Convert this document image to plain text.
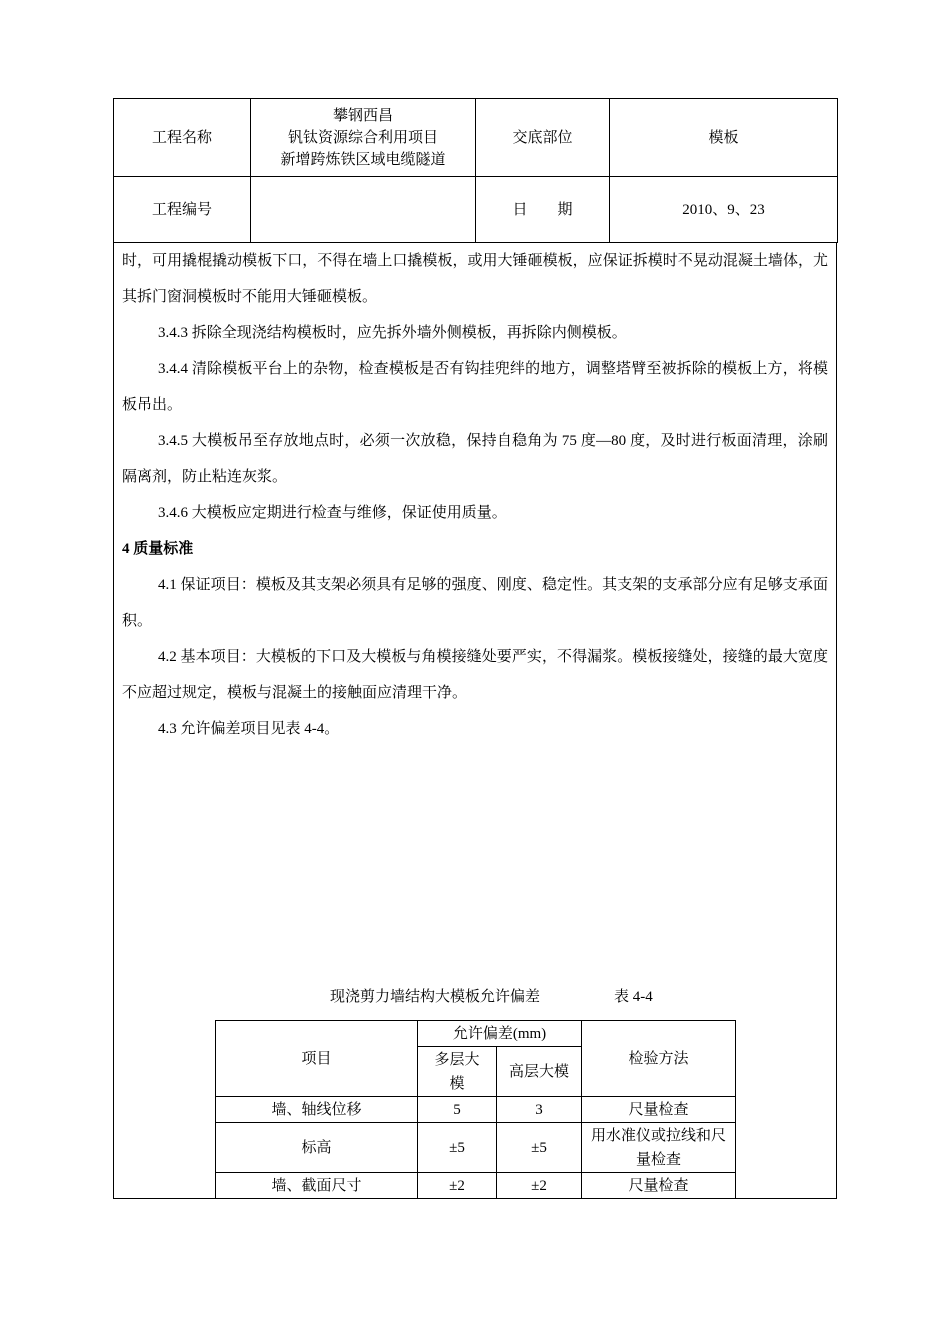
工程名称	攀钢西昌
钒钛资源综合利用项目
新增跨炼铁区域电缆隧道	交底部位	模板
工程编号		日　　期	2010、9、23

时，可用撬棍撬动模板下口，不得在墙上口撬模板，或用大锤砸模板，应保证拆模时不晃动混凝土墙体，尤其拆门窗洞模板时不能用大锤砸模板。

3.4.3 拆除全现浇结构模板时，应先拆外墙外侧模板，再拆除内侧模板。

3.4.4 清除模板平台上的杂物，检查模板是否有钩挂兜绊的地方，调整塔臂至被拆除的模板上方，将模板吊出。

3.4.5 大模板吊至存放地点时，必须一次放稳，保持自稳角为 75 度—80 度，及时进行板面清理，涂刷隔离剂，防止粘连灰浆。

3.4.6 大模板应定期进行检查与维修，保证使用质量。

4 质量标准

4.1 保证项目：模板及其支架必须具有足够的强度、刚度、稳定性。其支架的支承部分应有足够支承面积。

4.2 基本项目：大模板的下口及大模板与角模接缝处要严实，不得漏浆。模板接缝处，接缝的最大宽度不应超过规定，模板与混凝土的接触面应清理干净。

4.3 允许偏差项目见表 4-4。

现浇剪力墙结构大模板允许偏差	表 4-4
项目	允许偏差(mm)		检验方法
	多层大模	高层大模	
墙、轴线位移	5	3	尺量检查
标高	±5	±5	用水准仪或拉线和尺量检查
墙、截面尺寸	±2	±2	尺量检查
